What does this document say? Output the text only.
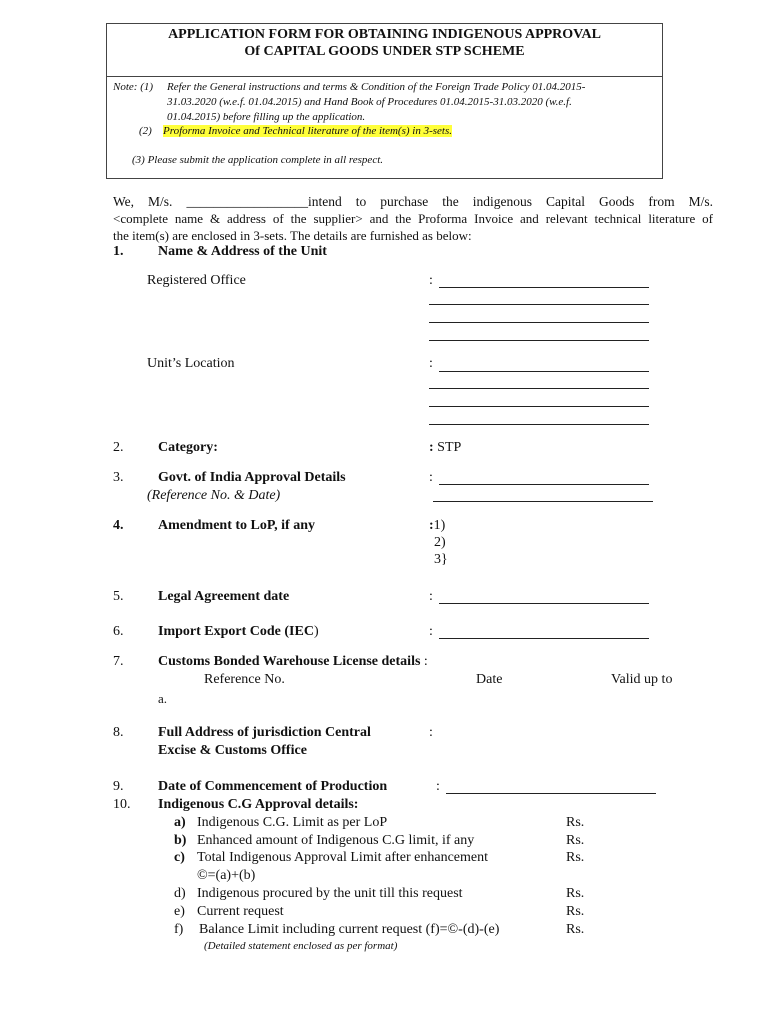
APPLICATION FORM FOR OBTAINING INDIGENOUS APPROVAL
Of CAPITAL GOODS UNDER STP SCHEME
Note: (1) Refer the General instructions and terms & Condition of the Foreign Trade Policy 01.04.2015-
31.03.2020 (w.e.f. 01.04.2015) and Hand Book of Procedures 01.04.2015-31.03.2020 (w.e.f.
01.04.2015) before filling up the application.
(2) Proforma Invoice and Technical literature of the item(s) in 3-sets.
(3) Please submit the application complete in all respect.
We, M/s. __________________intend to purchase the indigenous Capital Goods from M/s.
<complete name & address of the supplier> and the Proforma Invoice and relevant technical literature of
the item(s) are enclosed in 3-sets. The details are furnished as below:
1. Name & Address of the Unit
Registered Office	:
Unit’s Location	:
2. Category:	: STP
3. Govt. of India Approval Details
(Reference No. & Date)
:
4. Amendment to LoP, if any	:1)
2)
3}
5. Legal Agreement date	:
6. Import Export Code (IEC)	:
7. Customs Bonded Warehouse License details :
Reference No.	Date	Valid up to
a.
8. Full Address of jurisdiction Central
Excise & Customs Office
:
9. Date of Commencement of Production	:
10. Indigenous C.G Approval details:
a) Indigenous C.G. Limit as per LoP	Rs.
b) Enhanced amount of Indigenous C.G limit, if any	Rs.
c) Total Indigenous Approval Limit after enhancement	Rs.
©=(a)+(b)
d) Indigenous procured by the unit till this request	Rs.
e) Current request	Rs.
f) Balance Limit including current request (f)=©-(d)-(e)	Rs.
(Detailed statement enclosed as per format)
